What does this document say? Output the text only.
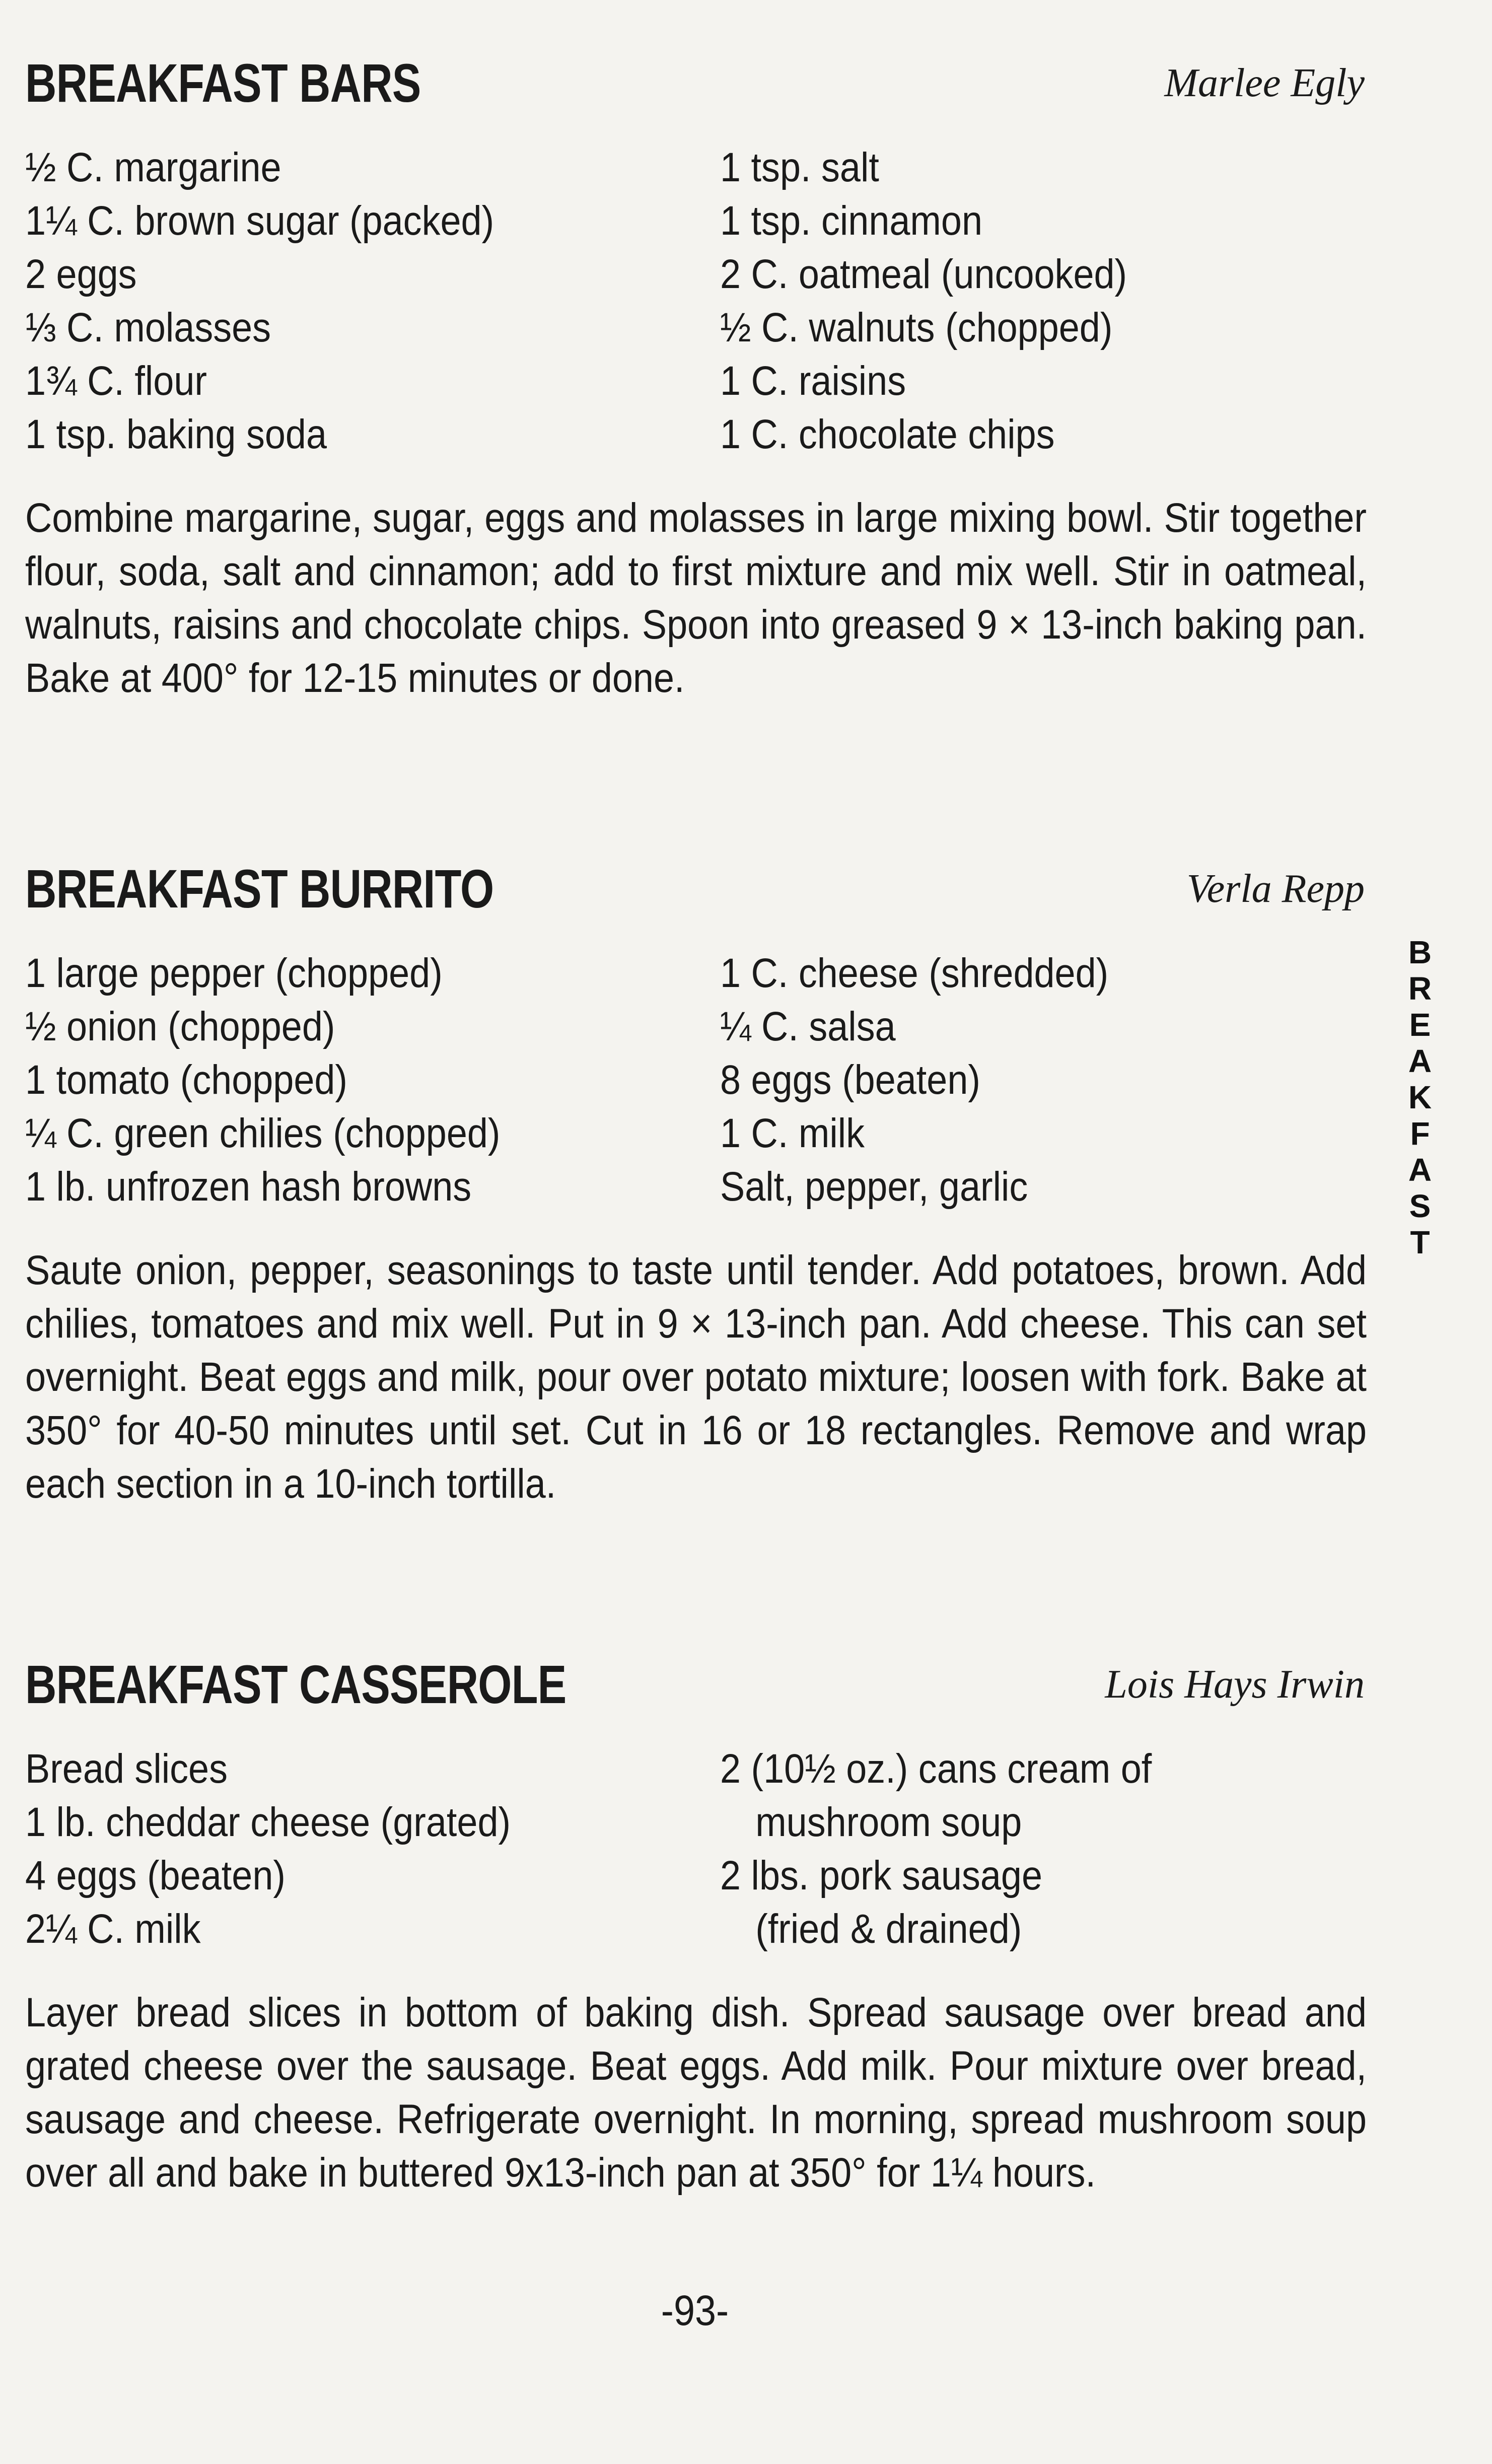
BREAKFAST BARS	Marlee Egly
½ C. margarine
1¼ C. brown sugar (packed)
2 eggs
⅓ C. molasses
1¾ C. flour
1 tsp. baking soda
1 tsp. salt
1 tsp. cinnamon
2 C. oatmeal (uncooked)
½ C. walnuts (chopped)
1 C. raisins
1 C. chocolate chips
Combine margarine, sugar, eggs and molasses in large mixing bowl. Stir together flour, soda, salt and cinnamon; add to first mixture and mix well. Stir in oatmeal, walnuts, raisins and chocolate chips. Spoon into greased 9 × 13-inch baking pan. Bake at 400° for 12-15 minutes or done.
BREAKFAST BURRITO	Verla Repp
1 large pepper (chopped)
½ onion (chopped)
1 tomato (chopped)
¼ C. green chilies (chopped)
1 lb. unfrozen hash browns
1 C. cheese (shredded)
¼ C. salsa
8 eggs (beaten)
1 C. milk
Salt, pepper, garlic
Saute onion, pepper, seasonings to taste until tender. Add potatoes, brown. Add chilies, tomatoes and mix well. Put in 9 × 13-inch pan. Add cheese. This can set overnight. Beat eggs and milk, pour over potato mixture; loosen with fork. Bake at 350° for 40-50 minutes until set. Cut in 16 or 18 rectangles. Remove and wrap each section in a 10-inch tortilla.
BREAKFAST CASSEROLE	Lois Hays Irwin
Bread slices
1 lb. cheddar cheese (grated)
4 eggs (beaten)
2¼ C. milk
2 (10½ oz.) cans cream of
mushroom soup
2 lbs. pork sausage
(fried & drained)
Layer bread slices in bottom of baking dish. Spread sausage over bread and grated cheese over the sausage. Beat eggs. Add milk. Pour mixture over bread, sausage and cheese. Refrigerate overnight. In morning, spread mushroom soup over all and bake in buttered 9x13-inch pan at 350° for 1¼ hours.
B
R
E
A
K
F
A
S
T
-93-
